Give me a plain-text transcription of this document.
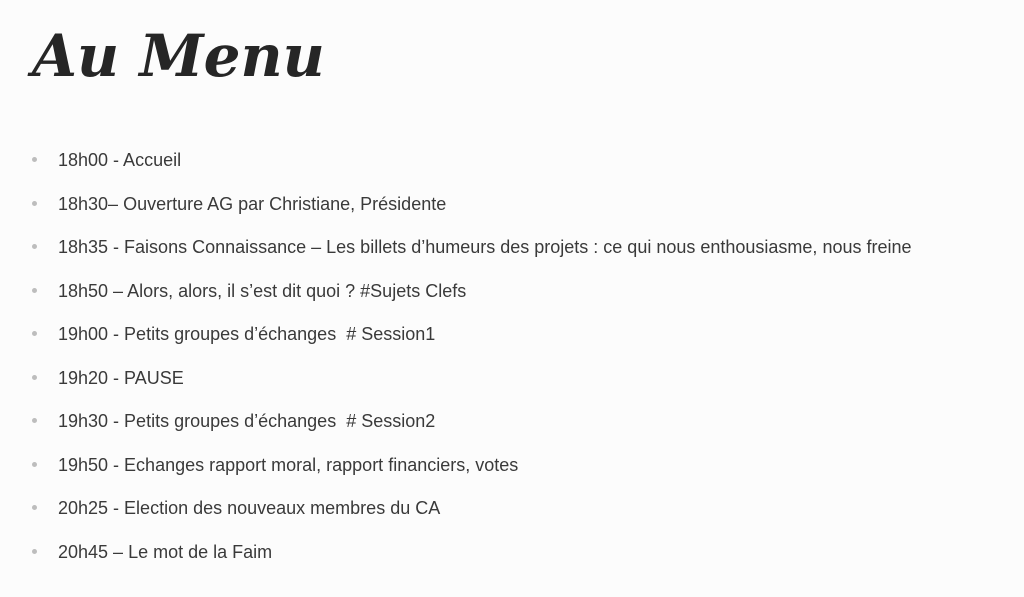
Au Menu
18h00 - Accueil
18h30– Ouverture AG par Christiane, Présidente
18h35 - Faisons Connaissance – Les billets d’humeurs des projets : ce qui nous enthousiasme, nous freine
18h50 – Alors, alors, il s’est dit quoi ? #Sujets Clefs
19h00 - Petits groupes d’échanges  # Session1
19h20 - PAUSE
19h30 - Petits groupes d’échanges  # Session2
19h50 - Echanges rapport moral, rapport financiers, votes
20h25 - Election des nouveaux membres du CA
20h45 – Le mot de la Faim
